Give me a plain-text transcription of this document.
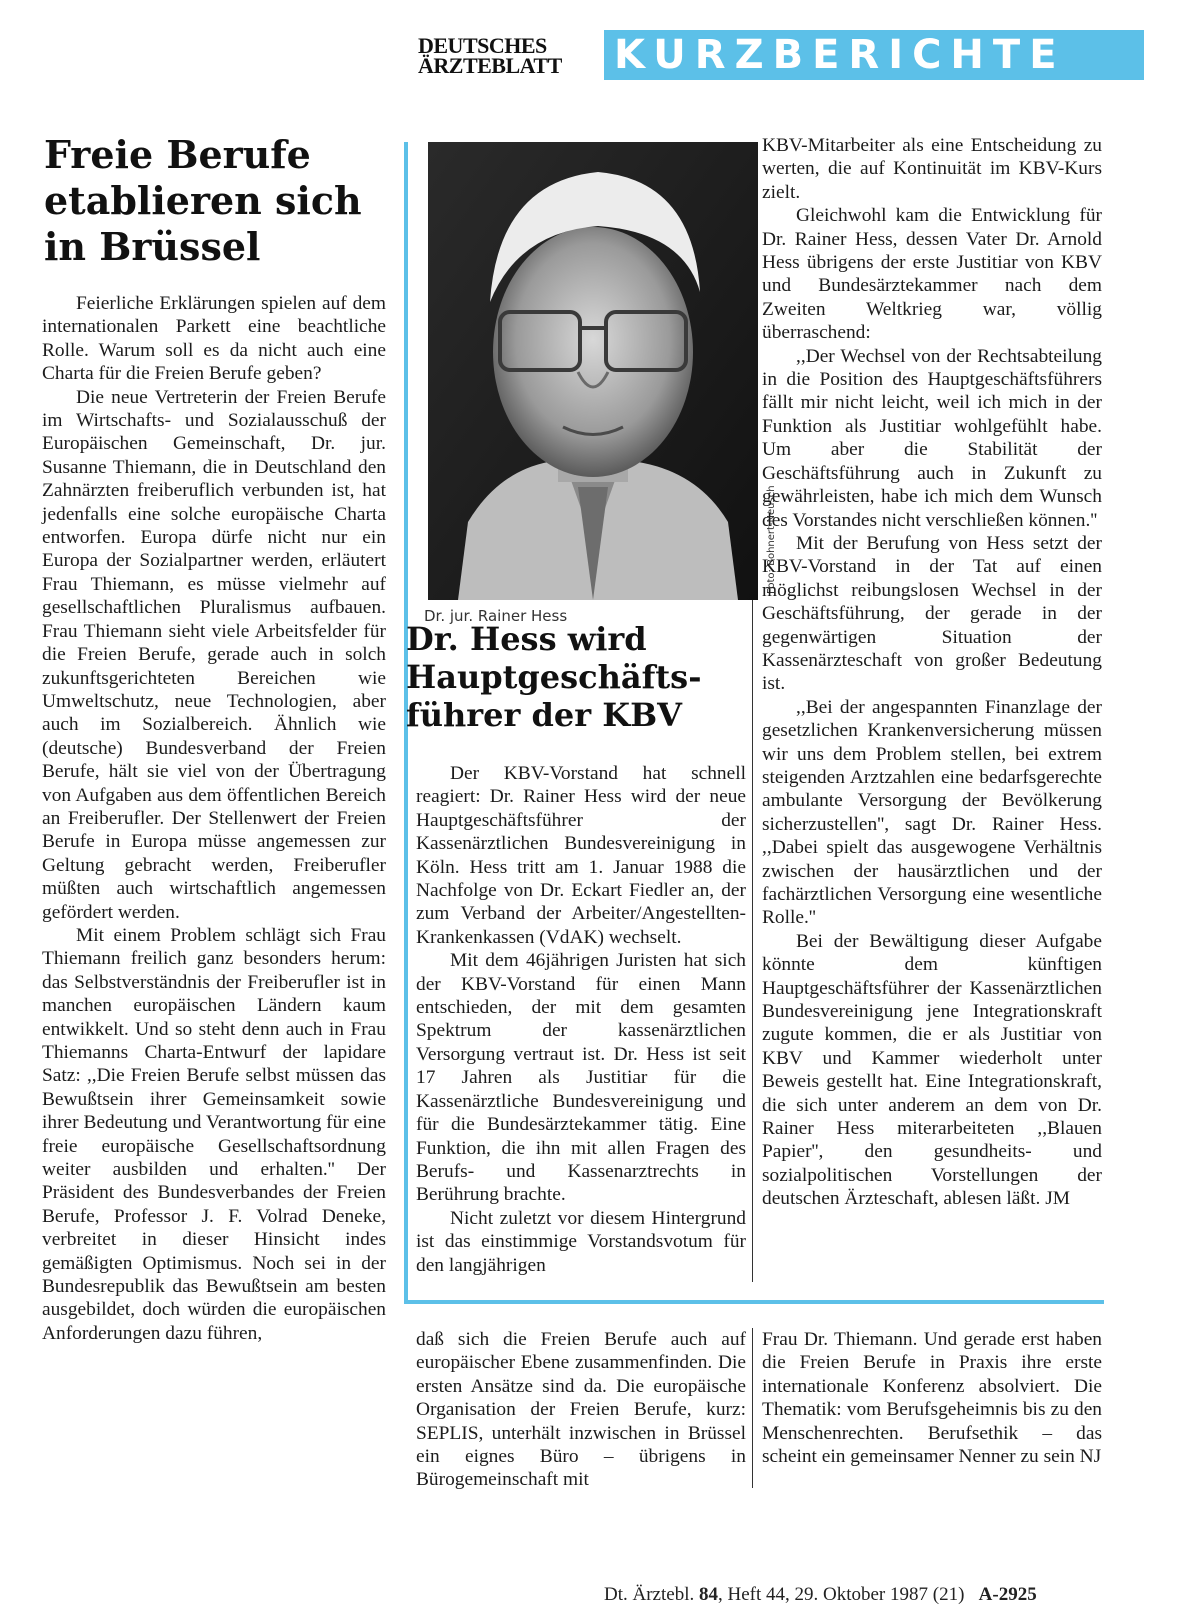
DEUTSCHES
ÄRZTEBLATT	KURZBERICHTE
Freie Berufe
etablieren sich
in Brüssel

Feierliche Erklärungen spielen auf dem internationalen Parkett eine beachtliche Rolle. Warum soll es da nicht auch eine Charta für die Freien Berufe geben?

Die neue Vertreterin der Freien Berufe im Wirtschafts- und Sozialausschuß der Europäischen Gemeinschaft, Dr. jur. Susanne Thiemann, die in Deutschland den Zahnärzten freiberuflich verbunden ist, hat jedenfalls eine solche europäische Charta entworfen. Europa dürfe nicht nur ein Europa der Sozialpartner werden, erläutert Frau Thiemann, es müsse vielmehr auf gesellschaftlichen Pluralismus aufbauen. Frau Thiemann sieht viele Arbeitsfelder für die Freien Berufe, gerade auch in solch zukunftsgerichteten Bereichen wie Umweltschutz, neue Technologien, aber auch im Sozialbereich. Ähnlich wie (deutsche) Bundesverband der Freien Berufe, hält sie viel von der Übertragung von Aufgaben aus dem öffentlichen Bereich an Freiberufler. Der Stellenwert der Freien Berufe in Europa müsse angemessen zur Geltung gebracht werden, Freiberufler müßten auch wirtschaftlich angemessen gefördert werden.

Mit einem Problem schlägt sich Frau Thiemann freilich ganz besonders herum: das Selbstverständnis der Freiberufler ist in manchen europäischen Ländern kaum entwikkelt. Und so steht denn auch in Frau Thiemanns Charta-Entwurf der lapidare Satz: ,,Die Freien Berufe selbst müssen das Bewußtsein ihrer Gemeinsamkeit sowie ihrer Bedeutung und Verantwortung für eine freie europäische Gesellschaftsordnung weiter ausbilden und erhalten.'' Der Präsident des Bundesverbandes der Freien Berufe, Professor J. F. Volrad Deneke, verbreitet in dieser Hinsicht indes gemäßigten Optimismus. Noch sei in der Bundesrepublik das Bewußtsein am besten ausgebildet, doch würden die europäischen Anforderungen dazu führen,

Dr. jur. Rainer Hess
Foto: Bohnert-Neusch
Dr. Hess wird
Hauptgeschäfts-
führer der KBV

Der KBV-Vorstand hat schnell reagiert: Dr. Rainer Hess wird der neue Hauptgeschäftsführer der Kassenärztlichen Bundesvereinigung in Köln. Hess tritt am 1. Januar 1988 die Nachfolge von Dr. Eckart Fiedler an, der zum Verband der Arbeiter/Angestellten-Krankenkassen (VdAK) wechselt.

Mit dem 46jährigen Juristen hat sich der KBV-Vorstand für einen Mann entschieden, der mit dem gesamten Spektrum der kassenärztlichen Versorgung vertraut ist. Dr. Hess ist seit 17 Jahren als Justitiar für die Kassenärztliche Bundesvereinigung und für die Bundesärztekammer tätig. Eine Funktion, die ihn mit allen Fragen des Berufs- und Kassenarztrechts in Berührung brachte.

Nicht zuletzt vor diesem Hintergrund ist das einstimmige Vorstandsvotum für den langjährigen

KBV-Mitarbeiter als eine Entscheidung zu werten, die auf Kontinuität im KBV-Kurs zielt.

Gleichwohl kam die Entwicklung für Dr. Rainer Hess, dessen Vater Dr. Arnold Hess übrigens der erste Justitiar von KBV und Bundesärztekammer nach dem Zweiten Weltkrieg war, völlig überraschend:

,,Der Wechsel von der Rechtsabteilung in die Position des Hauptgeschäftsführers fällt mir nicht leicht, weil ich mich in der Funktion als Justitiar wohlgefühlt habe. Um aber die Stabilität der Geschäftsführung auch in Zukunft zu gewährleisten, habe ich mich dem Wunsch des Vorstandes nicht verschließen können.''

Mit der Berufung von Hess setzt der KBV-Vorstand in der Tat auf einen möglichst reibungslosen Wechsel in der Geschäftsführung, der gerade in der gegenwärtigen Situation der Kassenärzteschaft von großer Bedeutung ist.

,,Bei der angespannten Finanzlage der gesetzlichen Krankenversicherung müssen wir uns dem Problem stellen, bei extrem steigenden Arztzahlen eine bedarfsgerechte ambulante Versorgung der Bevölkerung sicherzustellen'', sagt Dr. Rainer Hess. ,,Dabei spielt das ausgewogene Verhältnis zwischen der hausärztlichen und der fachärztlichen Versorgung eine wesentliche Rolle.''

Bei der Bewältigung dieser Aufgabe könnte dem künftigen Hauptgeschäftsführer der Kassenärztlichen Bundesvereinigung jene Integrationskraft zugute kommen, die er als Justitiar von KBV und Kammer wiederholt unter Beweis gestellt hat. Eine Integrationskraft, die sich unter anderem an dem von Dr. Rainer Hess miterarbeiteten ,,Blauen Papier'', den gesundheits- und sozialpolitischen Vorstellungen der deutschen Ärzteschaft, ablesen läßt. JM

daß sich die Freien Berufe auch auf europäischer Ebene zusammenfinden. Die ersten Ansätze sind da. Die europäische Organisation der Freien Berufe, kurz: SEPLIS, unterhält inzwischen in Brüssel ein eignes Büro – übrigens in Bürogemeinschaft mit

Frau Dr. Thiemann. Und gerade erst haben die Freien Berufe in Praxis ihre erste internationale Konferenz absolviert. Die Thematik: vom Berufsgeheimnis bis zu den Menschenrechten. Berufsethik – das scheint ein gemeinsamer Nenner zu sein NJ

Dt. Ärztebl. 84, Heft 44, 29. Oktober 1987 (21) A-2925
